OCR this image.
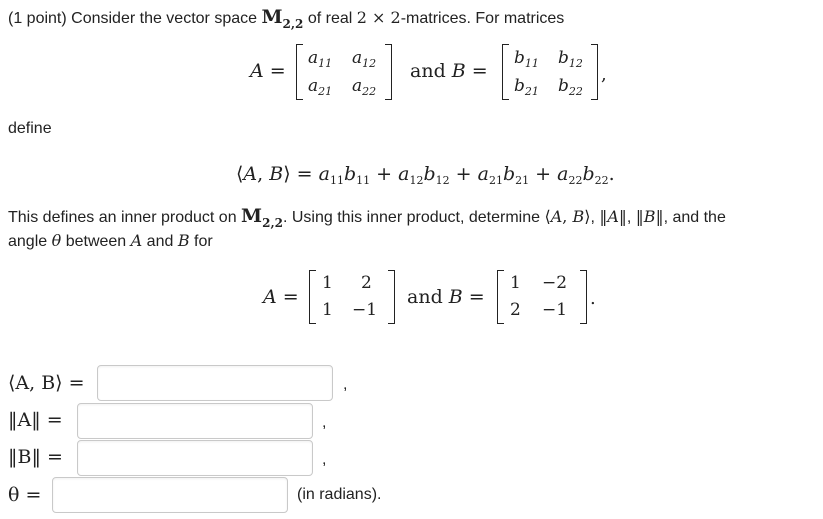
(1 point) Consider the vector space $M_{2,2}$ of real 2 × 2-matrices. For matrices
A =
$a_{11}$ $a_{12}$
$a_{21}$ $a_{22}$
and B =
$b_{11}$ $b_{12}$
$b_{21}$ $b_{22}$
,
define
⟨A, B⟩ = $a_{11}b_{11} + a_{12}b_{12} + a_{21}b_{21} + a_{22}b_{22}$.
This defines an inner product on $M_{2,2}$. Using this inner product, determine ⟨A, B⟩, ‖A‖, ‖B‖, and the
angle θ between A and B for
A =
1 2
1 −1
and B =
1 −2
2 −1
.
⟨A, B⟩ =	,
‖A‖ =	,
‖B‖ =	,
θ =	(in radians).
